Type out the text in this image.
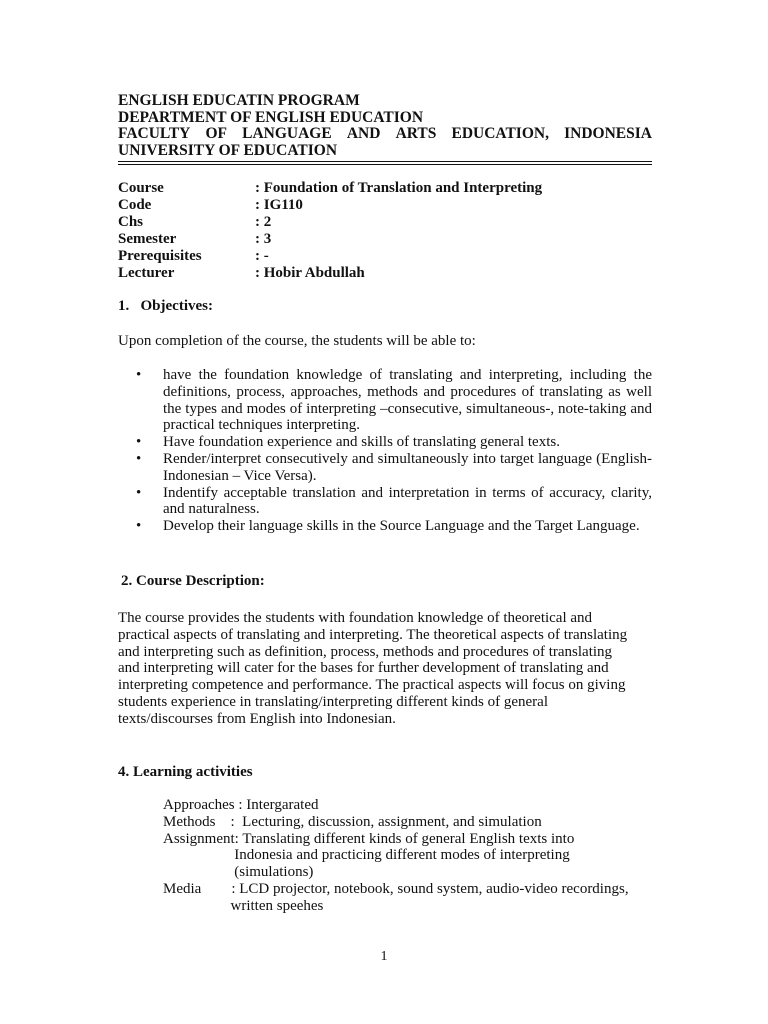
ENGLISH EDUCATIN PROGRAM
DEPARTMENT OF ENGLISH EDUCATION
FACULTY OF LANGUAGE AND ARTS EDUCATION, INDONESIA
UNIVERSITY OF EDUCATION
Course	: Foundation of Translation and Interpreting
Code	: IG110
Chs	: 2
Semester	: 3
Prerequisites	: -
Lecturer	: Hobir Abdullah
1.   Objectives:
Upon completion of the course, the students will be able to:
•	have the foundation knowledge of translating and interpreting, including the definitions, process, approaches, methods and procedures of translating as well the types and modes of interpreting –consecutive, simultaneous-, note-taking and practical techniques interpreting.
•	Have foundation experience and skills of translating general texts.
•	Render/interpret consecutively and simultaneously into target language (English-Indonesian – Vice Versa).
•	Indentify acceptable translation and interpretation in terms of accuracy, clarity, and naturalness.
•	Develop their language skills in the Source Language and the Target Language.
2. Course Description:
The course provides the students with foundation knowledge of theoretical and
practical aspects of translating and interpreting. The theoretical aspects of translating
and interpreting such as definition, process, methods and procedures of translating
and interpreting will cater for the bases for further development of translating and
interpreting competence and performance. The practical aspects will focus on giving
students experience in translating/interpreting different kinds of general
texts/discourses from English into Indonesian.
4. Learning activities
Approaches : Intergarated
Methods    :  Lecturing, discussion, assignment, and simulation
Assignment: Translating different kinds of general English texts into
Indonesia and practicing different modes of interpreting
(simulations)
Media        : LCD projector, notebook, sound system, audio-video recordings,
written speehes
1
